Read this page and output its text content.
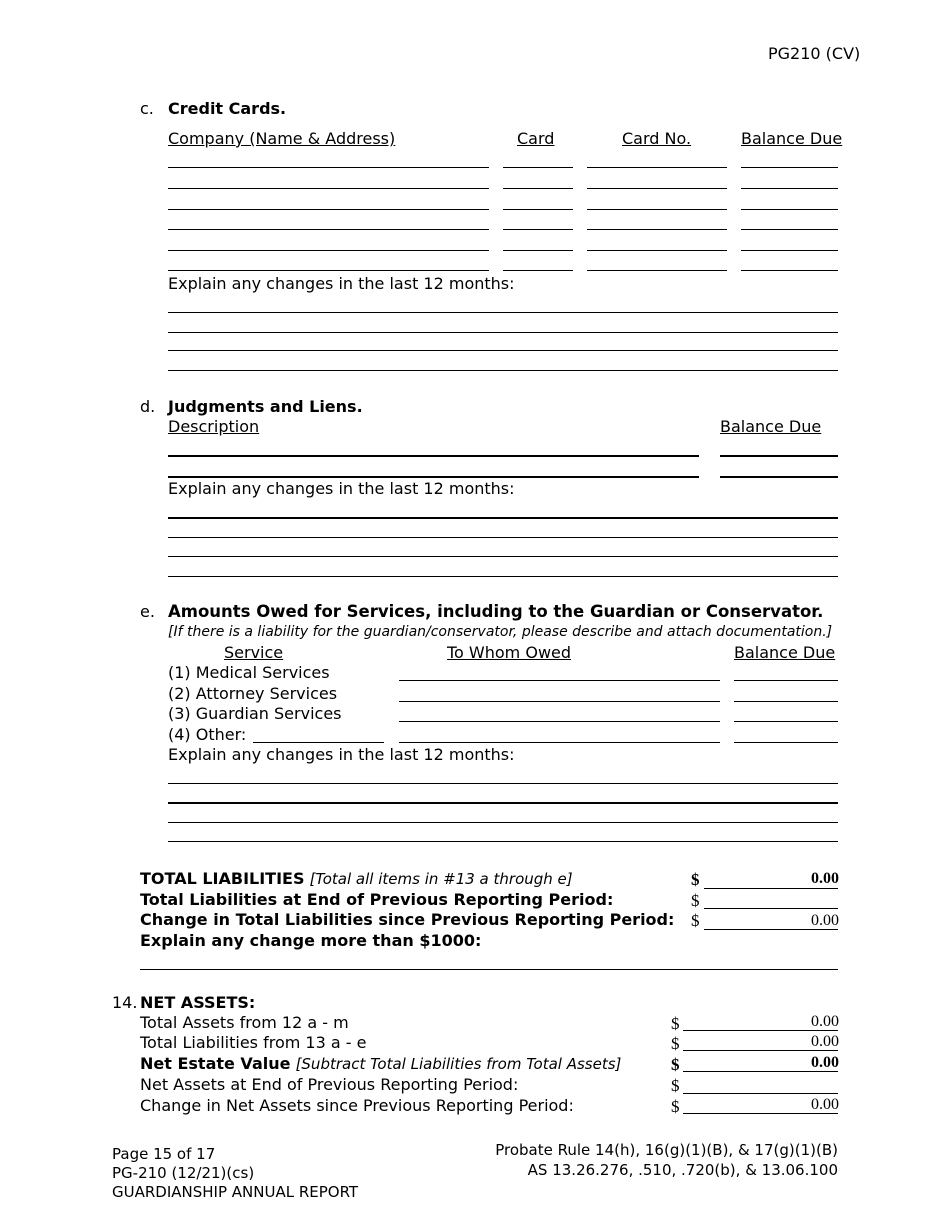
PG210 (CV)
c. Credit Cards.
Company (Name & Address)	Card	Card No.	Balance Due
Explain any changes in the last 12 months:
d. Judgments and Liens.
Description	Balance Due
Explain any changes in the last 12 months:
e. Amounts Owed for Services, including to the Guardian or Conservator.
[If there is a liability for the guardian/conservator, please describe and attach documentation.]
Service	To Whom Owed	Balance Due
(1) Medical Services
(2) Attorney Services
(3) Guardian Services
(4) Other:
Explain any changes in the last 12 months:
TOTAL LIABILITIES [Total all items in #13 a through e]	$	0.00
Total Liabilities at End of Previous Reporting Period:	$
Change in Total Liabilities since Previous Reporting Period: $	0.00
Explain any change more than $1000:
14. NET ASSETS:
Total Assets from 12 a - m	$	0.00
Total Liabilities from 13 a - e	$	0.00
Net Estate Value [Subtract Total Liabilities from Total Assets]	$	0.00
Net Assets at End of Previous Reporting Period:	$
Change in Net Assets since Previous Reporting Period:	$	0.00
Page 15 of 17
PG-210 (12/21)(cs)
GUARDIANSHIP ANNUAL REPORT
Probate Rule 14(h), 16(g)(1)(B), & 17(g)(1)(B)
AS 13.26.276, .510, .720(b), & 13.06.100
